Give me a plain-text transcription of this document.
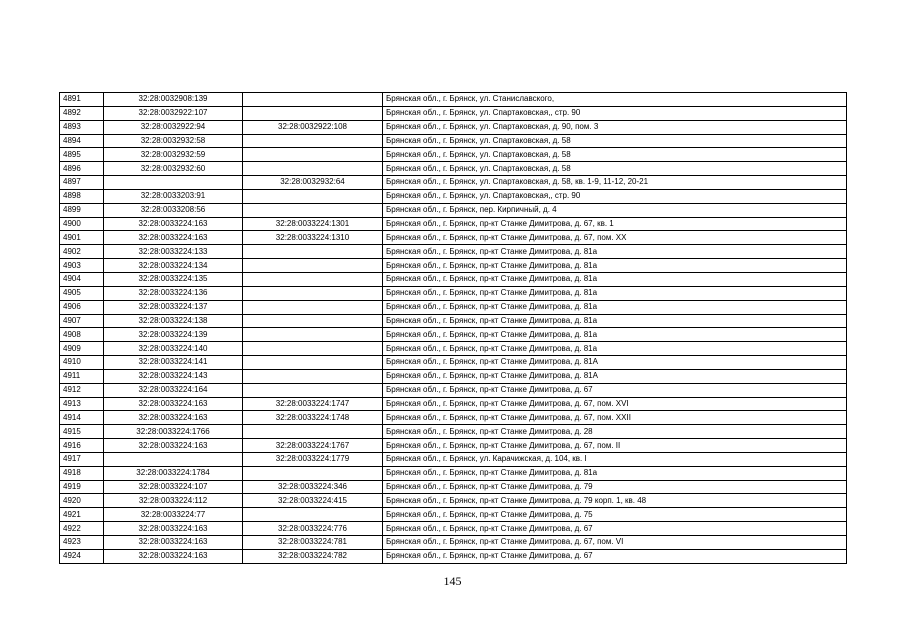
4891	32:28:0032908:139		Брянская обл., г. Брянск, ул. Станиславского,
4892	32:28:0032922:107		Брянская обл., г. Брянск, ул. Спартаковская,, стр. 90
4893	32:28:0032922:94	32:28:0032922:108	Брянская обл., г. Брянск, ул. Спартаковская, д. 90, пом. 3
4894	32:28:0032932:58		Брянская обл., г. Брянск, ул. Спартаковская, д. 58
4895	32:28:0032932:59		Брянская обл., г. Брянск, ул. Спартаковская, д. 58
4896	32:28:0032932:60		Брянская обл., г. Брянск, ул. Спартаковская, д. 58
4897		32:28:0032932:64	Брянская обл., г. Брянск, ул. Спартаковская, д. 58, кв. 1-9, 11-12, 20-21
4898	32:28:0033203:91		Брянская обл., г. Брянск, ул. Спартаковская,, стр. 90
4899	32:28:0033208:56		Брянская обл., г. Брянск, пер. Кирпичный, д. 4
4900	32:28:0033224:163	32:28:0033224:1301	Брянская обл., г. Брянск, пр-кт Станке Димитрова, д. 67, кв. 1
4901	32:28:0033224:163	32:28:0033224:1310	Брянская обл., г. Брянск, пр-кт Станке Димитрова, д. 67, пом. XX
4902	32:28:0033224:133		Брянская обл., г. Брянск, пр-кт Станке Димитрова, д. 81а
4903	32:28:0033224:134		Брянская обл., г. Брянск, пр-кт Станке Димитрова, д. 81а
4904	32:28:0033224:135		Брянская обл., г. Брянск, пр-кт Станке Димитрова, д. 81а
4905	32:28:0033224:136		Брянская обл., г. Брянск, пр-кт Станке Димитрова, д. 81а
4906	32:28:0033224:137		Брянская обл., г. Брянск, пр-кт Станке Димитрова, д. 81а
4907	32:28:0033224:138		Брянская обл., г. Брянск, пр-кт Станке Димитрова, д. 81а
4908	32:28:0033224:139		Брянская обл., г. Брянск, пр-кт Станке Димитрова, д. 81а
4909	32:28:0033224:140		Брянская обл., г. Брянск, пр-кт Станке Димитрова, д. 81а
4910	32:28:0033224:141		Брянская обл., г. Брянск, пр-кт Станке Димитрова, д. 81А
4911	32:28:0033224:143		Брянская обл., г. Брянск, пр-кт Станке Димитрова, д. 81А
4912	32:28:0033224:164		Брянская обл., г. Брянск, пр-кт Станке Димитрова, д. 67
4913	32:28:0033224:163	32:28:0033224:1747	Брянская обл., г. Брянск, пр-кт Станке Димитрова, д. 67, пом. XVI
4914	32:28:0033224:163	32:28:0033224:1748	Брянская обл., г. Брянск, пр-кт Станке Димитрова, д. 67, пом. XXII
4915	32:28:0033224:1766		Брянская обл., г. Брянск, пр-кт Станке Димитрова, д. 28
4916	32:28:0033224:163	32:28:0033224:1767	Брянская обл., г. Брянск, пр-кт Станке Димитрова, д. 67, пом. II
4917		32:28:0033224:1779	Брянская обл., г. Брянск, ул. Карачижская, д. 104, кв. I
4918	32:28:0033224:1784		Брянская обл., г. Брянск, пр-кт Станке Димитрова, д. 81а
4919	32:28:0033224:107	32:28:0033224:346	Брянская обл., г. Брянск, пр-кт Станке Димитрова, д. 79
4920	32:28:0033224:112	32:28:0033224:415	Брянская обл., г. Брянск, пр-кт Станке Димитрова, д. 79 корп. 1, кв. 48
4921	32:28:0033224:77		Брянская обл., г. Брянск, пр-кт Станке Димитрова, д. 75
4922	32:28:0033224:163	32:28:0033224:776	Брянская обл., г. Брянск, пр-кт Станке Димитрова, д. 67
4923	32:28:0033224:163	32:28:0033224:781	Брянская обл., г. Брянск, пр-кт Станке Димитрова, д. 67, пом. VI
4924	32:28:0033224:163	32:28:0033224:782	Брянская обл., г. Брянск, пр-кт Станке Димитрова, д. 67
145
